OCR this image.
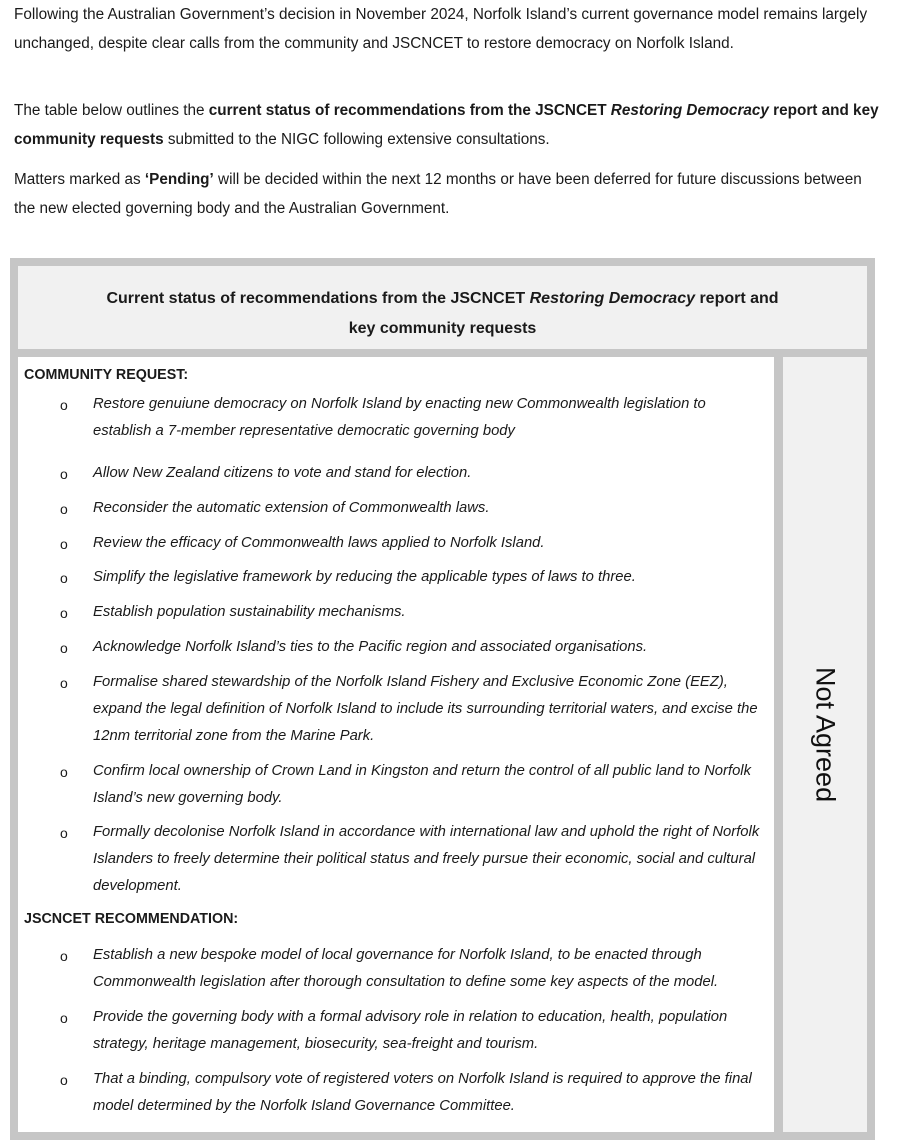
Following the Australian Government’s decision in November 2024, Norfolk Island’s current governance model remains largely unchanged, despite clear calls from the community and JSCNCET to restore democracy on Norfolk Island.

The table below outlines the current status of recommendations from the JSCNCET Restoring Democracy report and key community requests submitted to the NIGC following extensive consultations.

Matters marked as ‘Pending’ will be decided within the next 12 months or have been deferred for future discussions between the new elected governing body and the Australian Government.

Current status of recommendations from the JSCNCET Restoring Democracy report and
key community requests
COMMUNITY REQUEST:
o Restore genuiune democracy on Norfolk Island by enacting new Commonwealth legislation to establish a 7-member representative democratic governing body
o Allow New Zealand citizens to vote and stand for election.
o Reconsider the automatic extension of Commonwealth laws.
o Review the efficacy of Commonwealth laws applied to Norfolk Island.
o Simplify the legislative framework by reducing the applicable types of laws to three.
o Establish population sustainability mechanisms.
o Acknowledge Norfolk Island’s ties to the Pacific region and associated organisations.
o Formalise shared stewardship of the Norfolk Island Fishery and Exclusive Economic Zone (EEZ), expand the legal definition of Norfolk Island to include its surrounding territorial waters, and excise the 12nm territorial zone from the Marine Park.
o Confirm local ownership of Crown Land in Kingston and return the control of all public land to Norfolk Island’s new governing body.
o Formally decolonise Norfolk Island in accordance with international law and uphold the right of Norfolk Islanders to freely determine their political status and freely pursue their economic, social and cultural development.
JSCNCET RECOMMENDATION:
o Establish a new bespoke model of local governance for Norfolk Island, to be enacted through Commonwealth legislation after thorough consultation to define some key aspects of the model.
o Provide the governing body with a formal advisory role in relation to education, health, population strategy, heritage management, biosecurity, sea-freight and tourism.
o That a binding, compulsory vote of registered voters on Norfolk Island is required to approve the final model determined by the Norfolk Island Governance Committee.
Not Agreed
